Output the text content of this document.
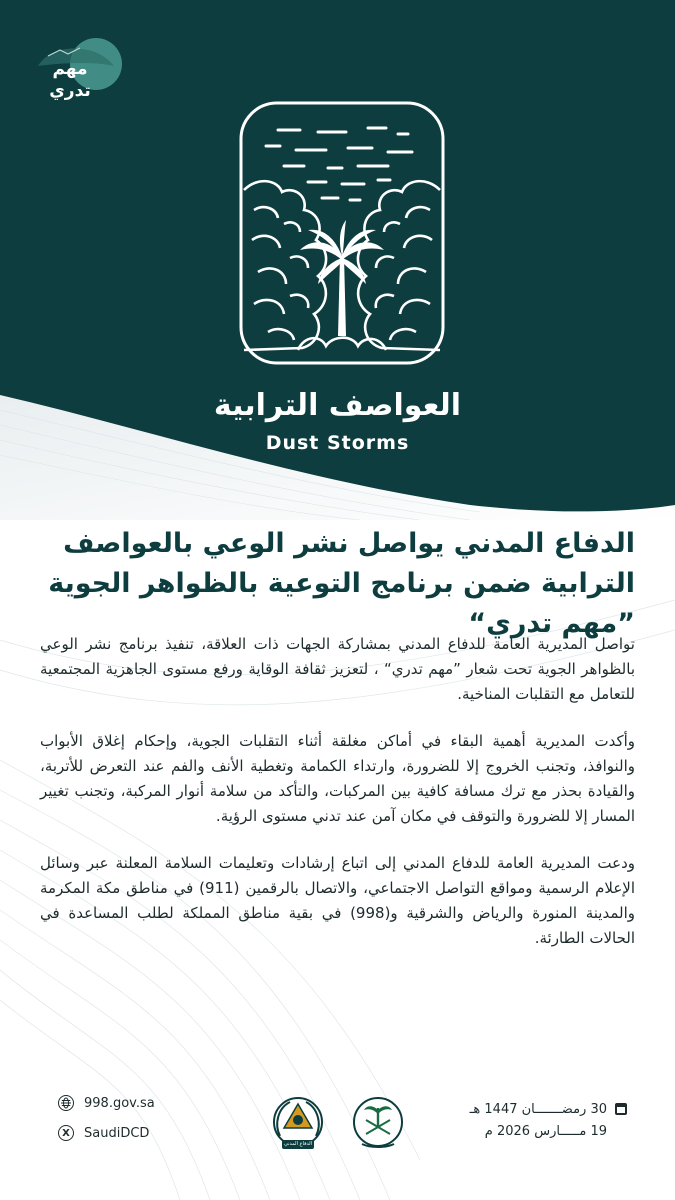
مهم
تدري
العواصف الترابية
Dust Storms
الدفاع المدني يواصل نشر الوعي بالعواصف الترابية ضمن برنامج التوعية بالظواهر الجوية ”مهم تدري“

تواصل المديرية العامة للدفاع المدني بمشاركة الجهات ذات العلاقة، تنفيذ برنامج نشر الوعي بالظواهر الجوية تحت شعار ”مهم تدري“ ، لتعزيز ثقافة الوقاية ورفع مستوى الجاهزية المجتمعية للتعامل مع التقلبات المناخية.

وأكدت المديرية أهمية البقاء في أماكن مغلقة أثناء التقلبات الجوية، وإحكام إغلاق الأبواب والنوافذ، وتجنب الخروج إلا للضرورة، وارتداء الكمامة وتغطية الأنف والفم عند التعرض للأتربة، والقيادة بحذر مع ترك مسافة كافية بين المركبات، والتأكد من سلامة أنوار المركبة، وتجنب تغيير المسار إلا للضرورة والتوقف في مكان آمن عند تدني مستوى الرؤية.

ودعت المديرية العامة للدفاع المدني إلى اتباع إرشادات وتعليمات السلامة المعلنة عبر وسائل الإعلام الرسمية ومواقع التواصل الاجتماعي، والاتصال بالرقمين (911) في مناطق مكة المكرمة والمدينة المنورة والرياض والشرقية و(998) في بقية مناطق المملكة لطلب المساعدة في الحالات الطارئة.

998.gov.sa
X	SaudiDCD
الدفاع المدني
30 رمضـــــــان 1447 هـ
19 مـــــارس 2026 م
